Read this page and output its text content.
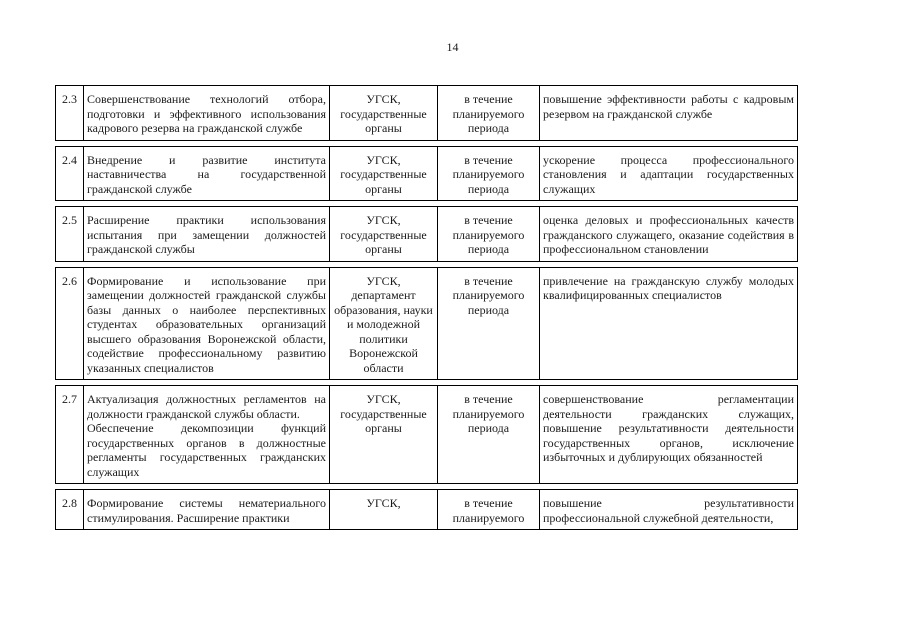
14
2.3	Совершенствование технологий отбора, подготовки и эффективного использования кадрового резерва на гражданской службе	УГСК, государственные органы	в течение планируемого периода	повышение эффективности работы с кадровым резервом на гражданской службе

2.4	Внедрение и развитие института наставничества на государственной гражданской службе	УГСК, государственные органы	в течение планируемого периода	ускорение процесса профессионального становления и адаптации государственных служащих

2.5	Расширение практики использования испытания при замещении должностей гражданской службы	УГСК, государственные органы	в течение планируемого периода	оценка деловых и профессиональных качеств гражданского служащего, оказание содействия в профессиональном становлении

2.6	Формирование и использование при замещении должностей гражданской службы базы данных о наиболее перспективных студентах образовательных организаций высшего образования Воронежской области, содействие профессиональному развитию указанных специалистов	УГСК, департамент образования, науки и молодежной политики Воронежской области	в течение планируемого периода	привлечение на гражданскую службу молодых квалифицированных специалистов

2.7	Актуализация должностных регламентов на должности гражданской службы области.
Обеспечение декомпозиции функций государственных органов в должностные регламенты государственных гражданских служащих	УГСК, государственные органы	в течение планируемого периода	совершенствование регламентации деятельности гражданских служащих, повышение результативности деятельности государственных органов, исключение избыточных и дублирующих обязанностей

2.8	Формирование системы нематериального стимулирования. Расширение практики	УГСК,	в течение планируемого	повышение результативности профессиональной служебной деятельности,
